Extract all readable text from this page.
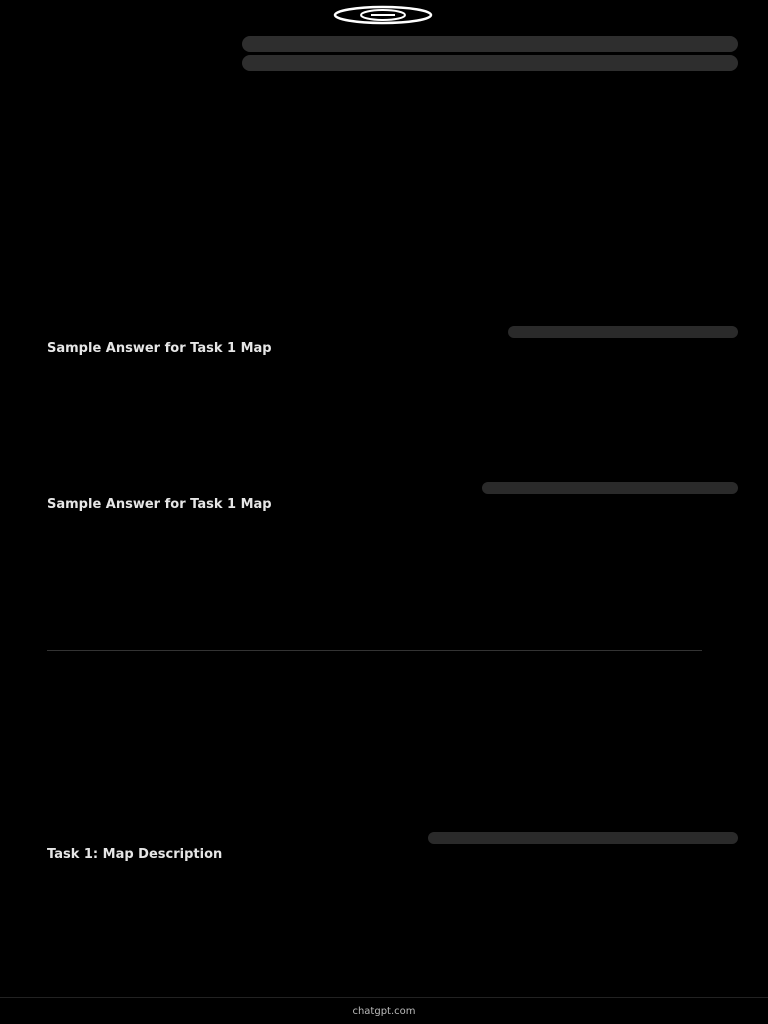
Sample Answer for Task 1 Map
Sample Answer for Task 1 Map
Task 1: Map Description
chatgpt.com
